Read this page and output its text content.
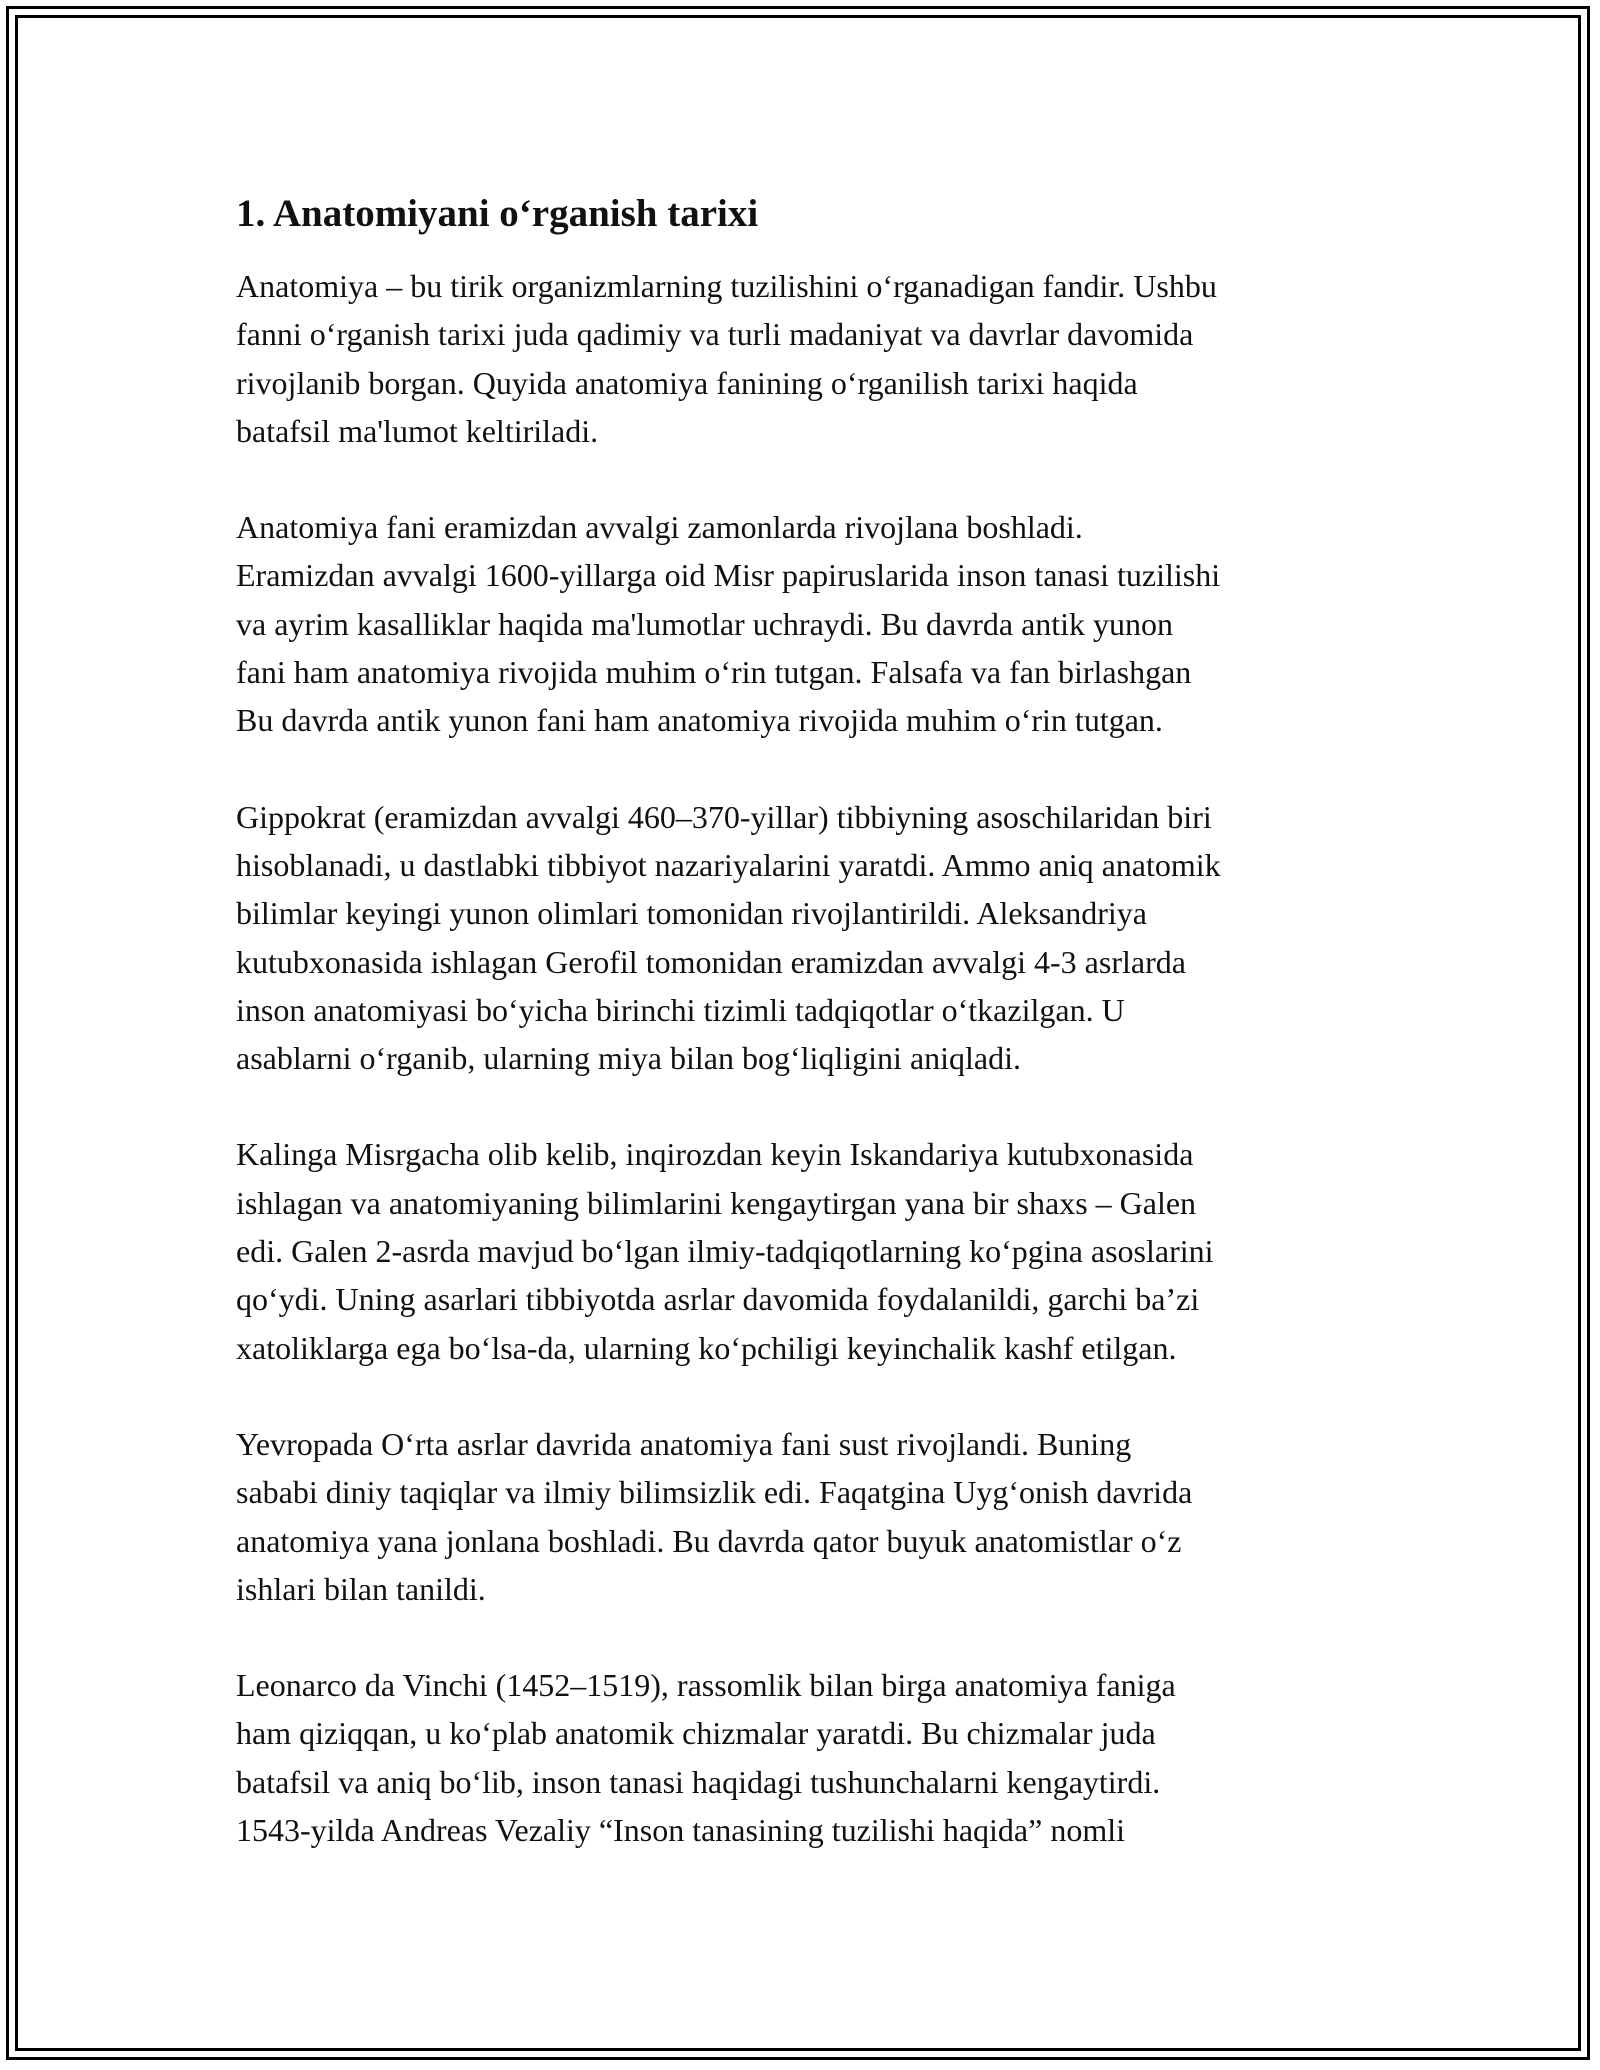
1. Anatomiyani o‘rganish tarixi

Anatomiya – bu tirik organizmlarning tuzilishini o‘rganadigan fandir. Ushbu
fanni o‘rganish tarixi juda qadimiy va turli madaniyat va davrlar davomida
rivojlanib borgan. Quyida anatomiya fanining o‘rganilish tarixi haqida
batafsil ma'lumot keltiriladi.

Anatomiya fani eramizdan avvalgi zamonlarda rivojlana boshladi.
Eramizdan avvalgi 1600-yillarga oid Misr papiruslarida inson tanasi tuzilishi
va ayrim kasalliklar haqida ma'lumotlar uchraydi. Bu davrda antik yunon
fani ham anatomiya rivojida muhim o‘rin tutgan. Falsafa va fan birlashgan
Bu davrda antik yunon fani ham anatomiya rivojida muhim o‘rin tutgan.

Gippokrat (eramizdan avvalgi 460–370-yillar) tibbiyning asoschilaridan biri
hisoblanadi, u dastlabki tibbiyot nazariyalarini yaratdi. Ammo aniq anatomik
bilimlar keyingi yunon olimlari tomonidan rivojlantirildi. Aleksandriya
kutubxonasida ishlagan Gerofil tomonidan eramizdan avvalgi 4-3 asrlarda
inson anatomiyasi bo‘yicha birinchi tizimli tadqiqotlar o‘tkazilgan. U
asablarni o‘rganib, ularning miya bilan bog‘liqligini aniqladi.

Kalinga Misrgacha olib kelib, inqirozdan keyin Iskandariya kutubxonasida
ishlagan va anatomiyaning bilimlarini kengaytirgan yana bir shaxs – Galen
edi. Galen 2-asrda mavjud bo‘lgan ilmiy-tadqiqotlarning ko‘pgina asoslarini
qo‘ydi. Uning asarlari tibbiyotda asrlar davomida foydalanildi, garchi ba’zi
xatoliklarga ega bo‘lsa-da, ularning ko‘pchiligi keyinchalik kashf etilgan.

Yevropada O‘rta asrlar davrida anatomiya fani sust rivojlandi. Buning
sababi diniy taqiqlar va ilmiy bilimsizlik edi. Faqatgina Uyg‘onish davrida
anatomiya yana jonlana boshladi. Bu davrda qator buyuk anatomistlar o‘z
ishlari bilan tanildi.

Leonarco da Vinchi (1452–1519), rassomlik bilan birga anatomiya faniga
ham qiziqqan, u ko‘plab anatomik chizmalar yaratdi. Bu chizmalar juda
batafsil va aniq bo‘lib, inson tanasi haqidagi tushunchalarni kengaytirdi.
1543-yilda Andreas Vezaliy “Inson tanasining tuzilishi haqida” nomli
